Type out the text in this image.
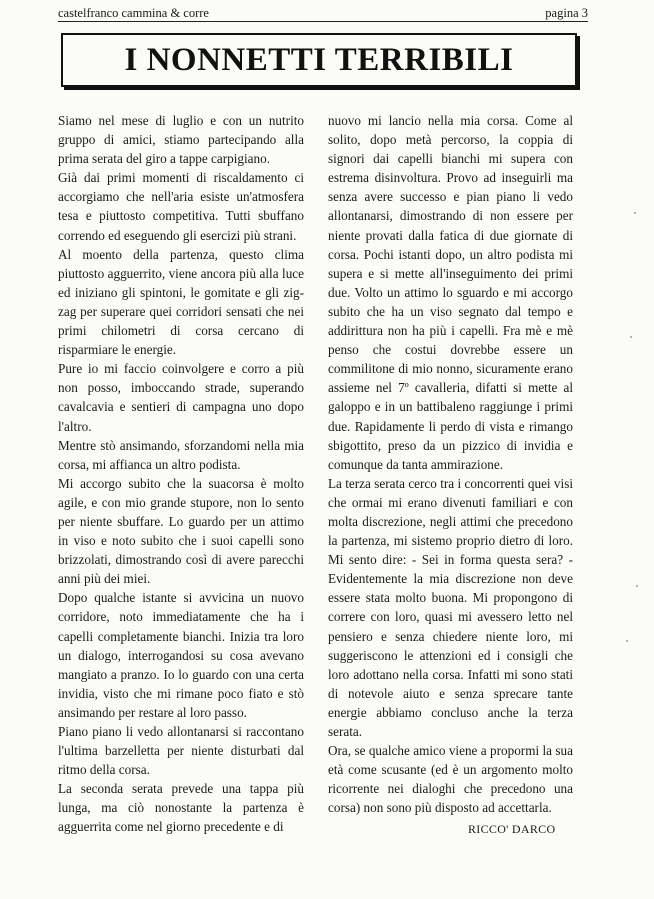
castelfranco cammina & corre	pagina 3
I NONNETTI TERRIBILI

Siamo nel mese di luglio e con un nutrito gruppo di amici, stiamo partecipando alla prima serata del giro a tappe carpigiano.

Già dai primi momenti di riscaldamento ci accorgiamo che nell'aria esiste un'atmosfera tesa e piuttosto competitiva. Tutti sbuffano correndo ed eseguendo gli esercizi più strani.

Al moento della partenza, questo clima piuttosto agguerrito, viene ancora più alla luce ed iniziano gli spintoni, le gomitate e gli zig-zag per superare quei corridori sensati che nei primi chilometri di corsa cercano di risparmiare le energie.

Pure io mi faccio coinvolgere e corro a più non posso, imboccando strade, superando cavalcavia e sentieri di campagna uno dopo l'altro.

Mentre stò ansimando, sforzandomi nella mia corsa, mi affianca un altro podista.

Mi accorgo subito che la suacorsa è molto agile, e con mio grande stupore, non lo sento per niente sbuffare. Lo guardo per un attimo in viso e noto subito che i suoi capelli sono brizzolati, dimostrando così di avere parecchi anni più dei miei.

Dopo qualche istante si avvicina un nuovo corridore, noto immediatamente che ha i capelli completamente bianchi. Inizia tra loro un dialogo, interrogandosi su cosa avevano mangiato a pranzo. Io lo guardo con una certa invidia, visto che mi rimane poco fiato e stò ansimando per restare al loro passo.

Piano piano li vedo allontanarsi si raccontano l'ultima barzelletta per niente disturbati dal ritmo della corsa.

La seconda serata prevede una tappa più lunga, ma ciò nonostante la partenza è agguerrita come nel giorno precedente e di

nuovo mi lancio nella mia corsa. Come al solito, dopo metà percorso, la coppia di signori dai capelli bianchi mi supera con estrema disinvoltura. Provo ad inseguirli ma senza avere successo e pian piano li vedo allontanarsi, dimostrando di non essere per niente provati dalla fatica di due giornate di corsa. Pochi istanti dopo, un altro podista mi supera e si mette all'inseguimento dei primi due. Volto un attimo lo sguardo e mi accorgo subito che ha un viso segnato dal tempo e addirittura non ha più i capelli. Fra mè e mè penso che costui dovrebbe essere un commilitone di mio nonno, sicuramente erano assieme nel 7º cavalleria, difatti si mette al galoppo e in un battibaleno raggiunge i primi due. Rapidamente li perdo di vista e rimango sbigottito, preso da un pizzico di invidia e comunque da tanta ammirazione.

La terza serata cerco tra i concorrenti quei visi che ormai mi erano divenuti familiari e con molta discrezione, negli attimi che precedono la partenza, mi sistemo proprio dietro di loro. Mi sento dire: - Sei in forma questa sera? - Evidentemente la mia discrezione non deve essere stata molto buona. Mi propongono di correre con loro, quasi mi avessero letto nel pensiero e senza chiedere niente loro, mi suggeriscono le attenzioni ed i consigli che loro adottano nella corsa. Infatti mi sono stati di notevole aiuto e senza sprecare tante energie abbiamo concluso anche la terza serata.

Ora, se qualche amico viene a propormi la sua età come scusante (ed è un argomento molto ricorrente nei dialoghi che precedono una corsa) non sono più disposto ad accettarla.

RICCO' DARCO
